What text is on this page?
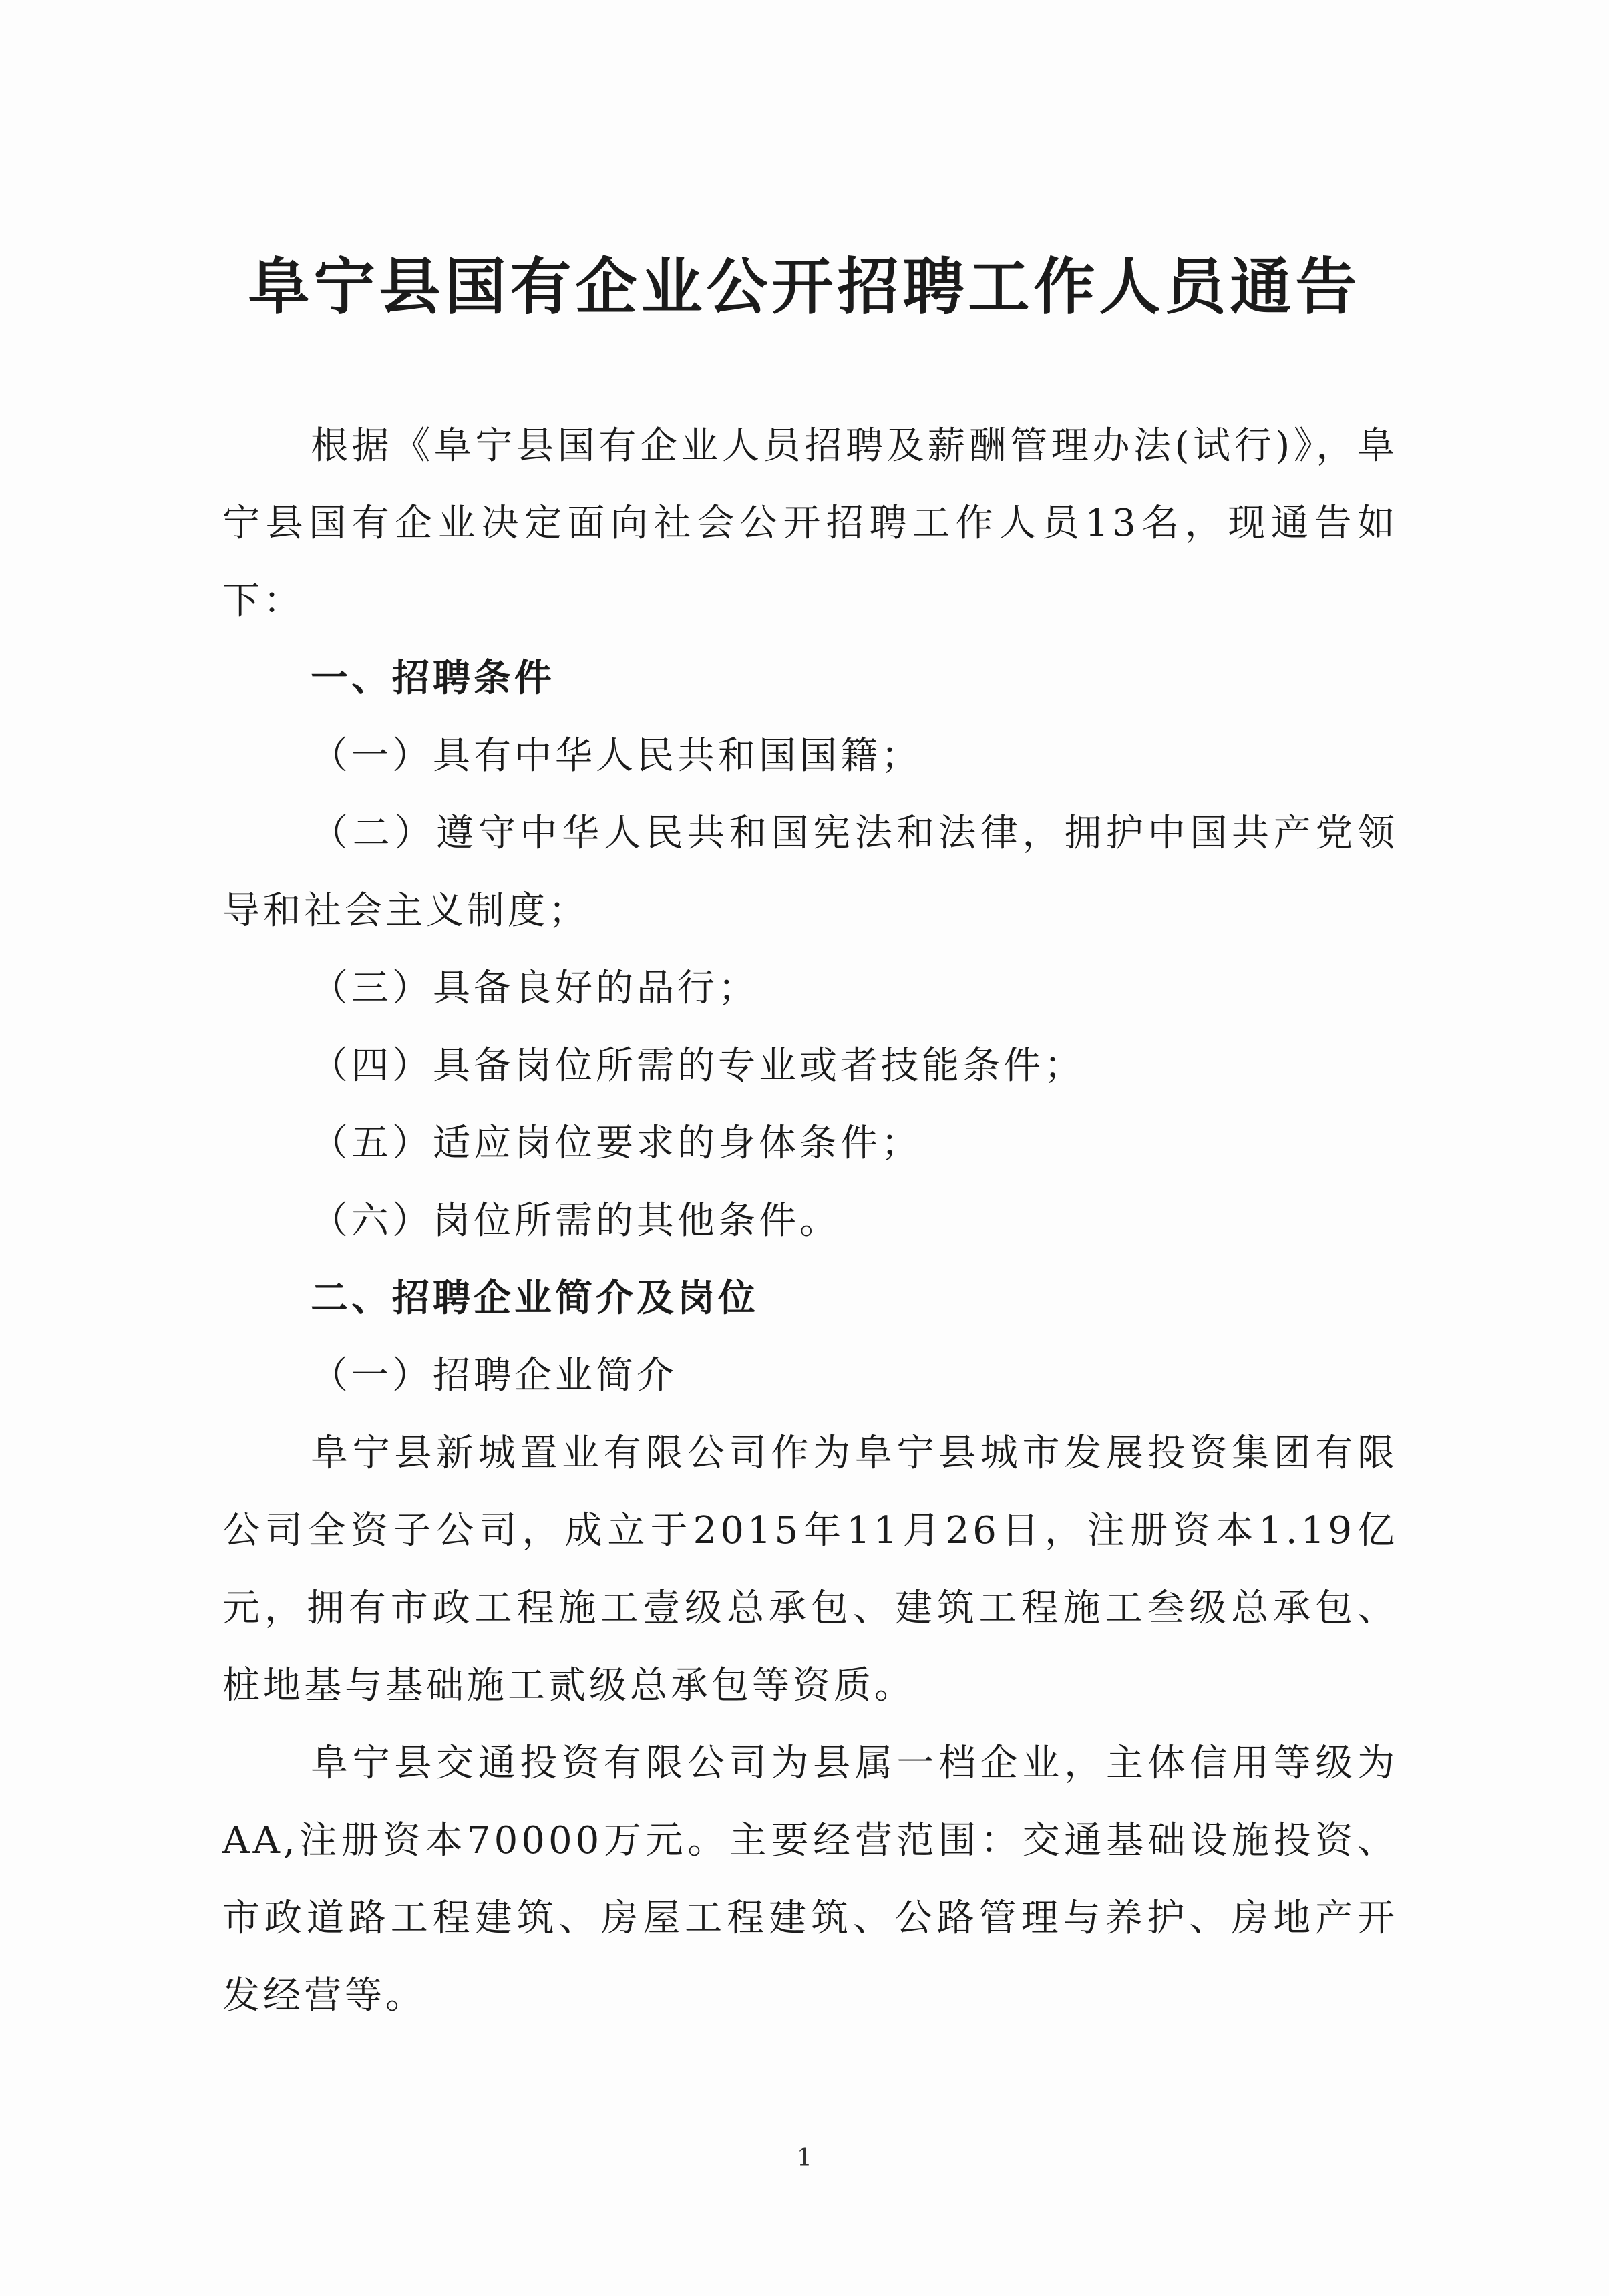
阜宁县国有企业公开招聘工作人员通告

根据《阜宁县国有企业人员招聘及薪酬管理办法(试行)》，阜宁县国有企业决定面向社会公开招聘工作人员13名，现通告如下：

一、招聘条件

（一）具有中华人民共和国国籍；

（二）遵守中华人民共和国宪法和法律，拥护中国共产党领导和社会主义制度；

（三）具备良好的品行；

（四）具备岗位所需的专业或者技能条件；

（五）适应岗位要求的身体条件；

（六）岗位所需的其他条件。

二、招聘企业简介及岗位

（一）招聘企业简介

阜宁县新城置业有限公司作为阜宁县城市发展投资集团有限公司全资子公司，成立于2015年11月26日，注册资本1.19亿元，拥有市政工程施工壹级总承包、建筑工程施工叁级总承包、桩地基与基础施工贰级总承包等资质。

阜宁县交通投资有限公司为县属一档企业，主体信用等级为AA,注册资本70000万元。主要经营范围：交通基础设施投资、市政道路工程建筑、房屋工程建筑、公路管理与养护、房地产开发经营等。

1
